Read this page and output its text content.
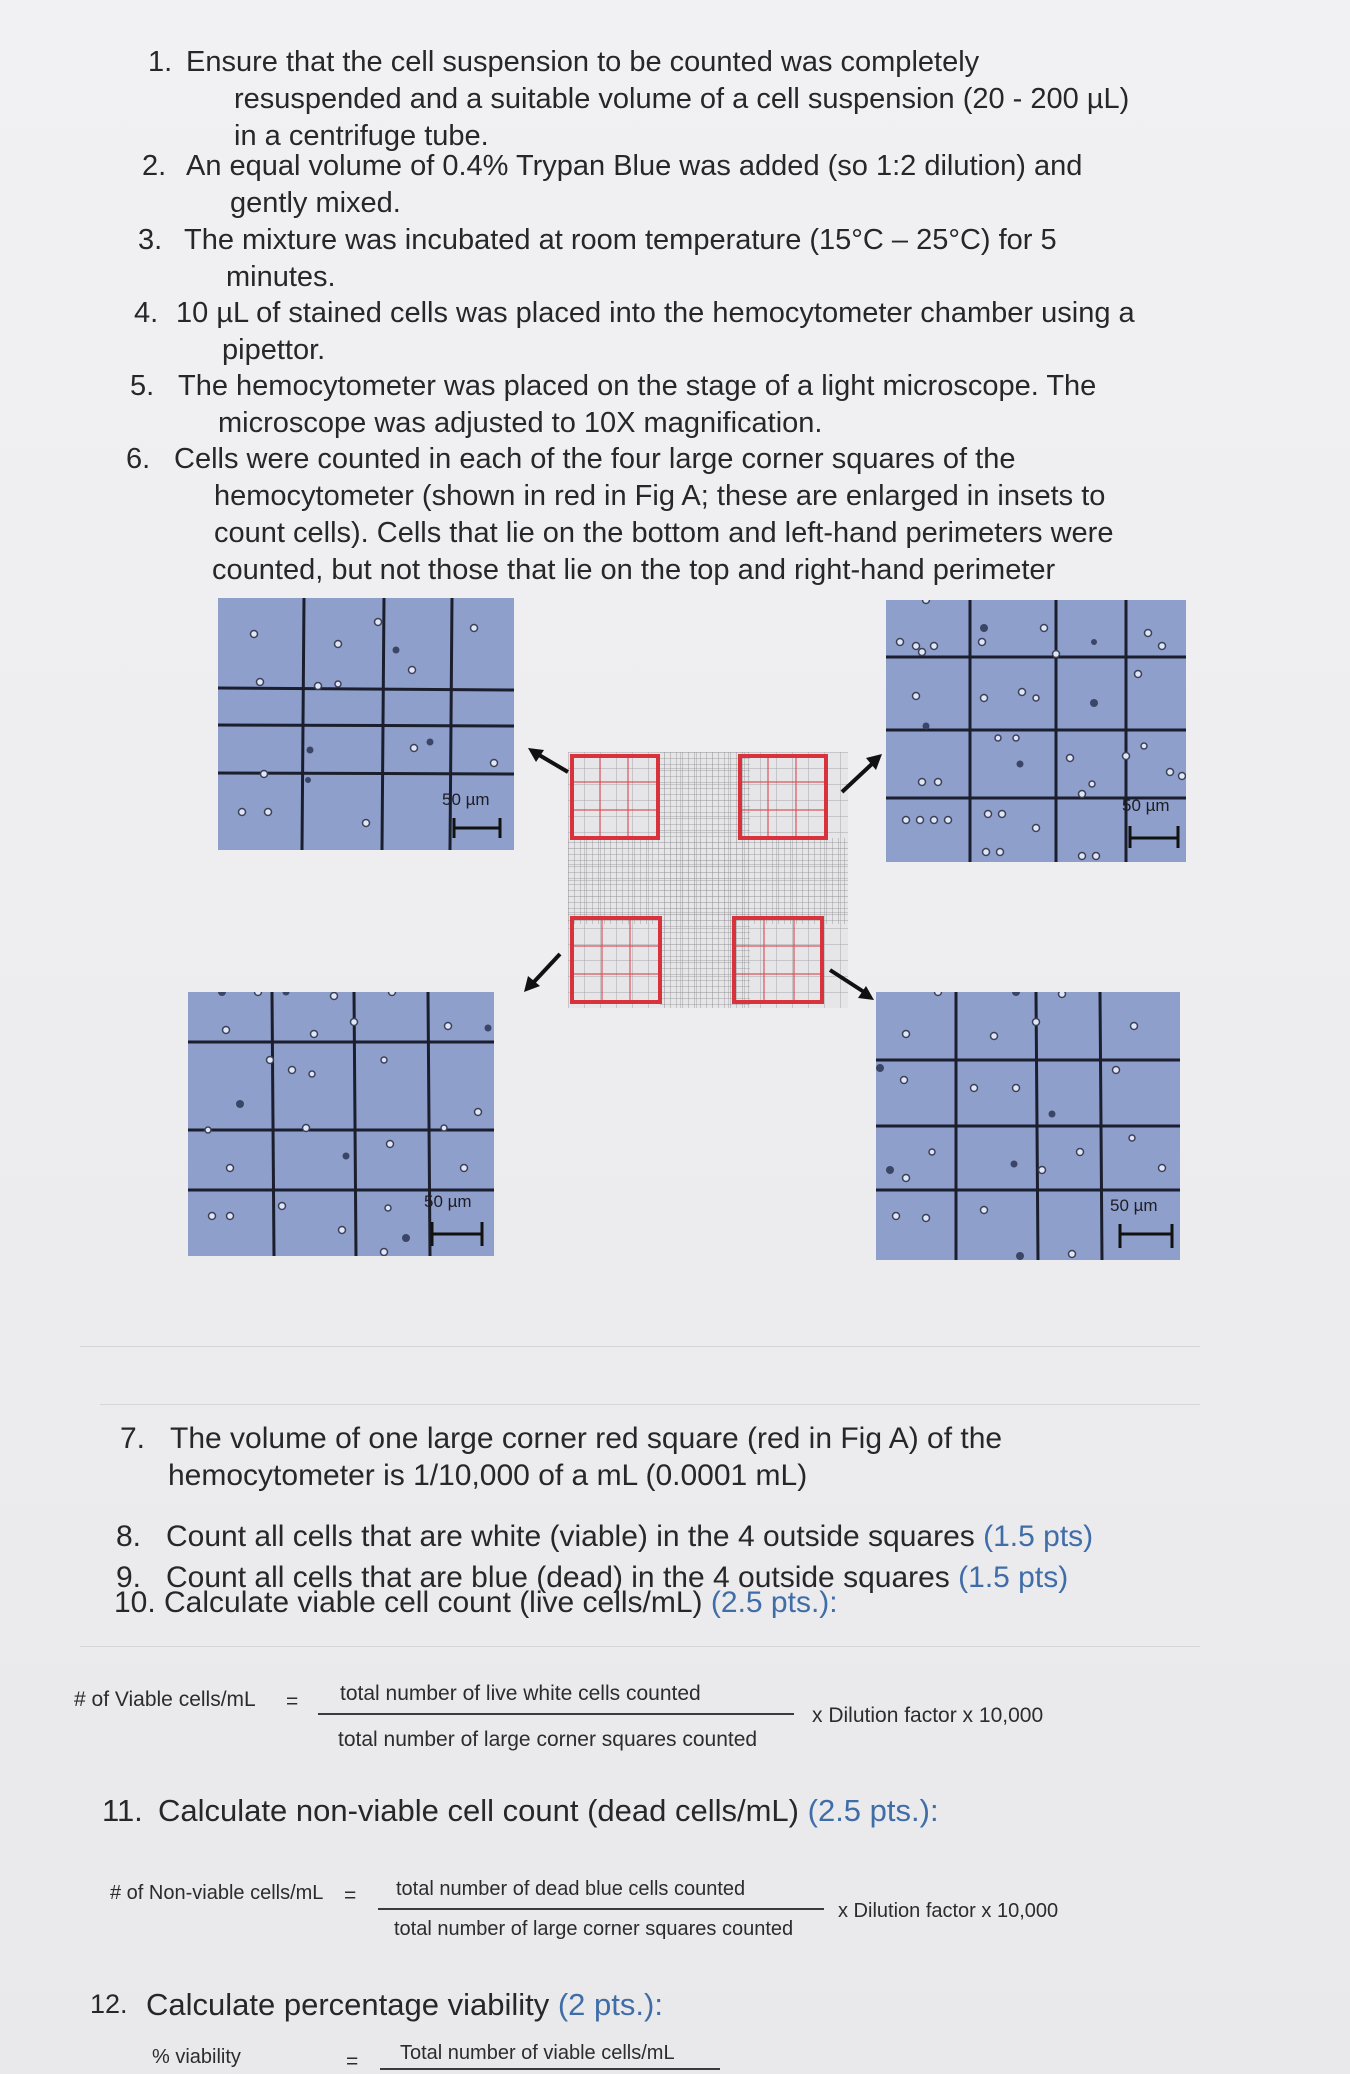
1. Ensure that the cell suspension to be counted was completely
resuspended and a suitable volume of a cell suspension (20 - 200 µL)
in a centrifuge tube.
2. An equal volume of 0.4% Trypan Blue was added (so 1:2 dilution) and
gently mixed.
3. The mixture was incubated at room temperature (15°C – 25°C) for 5
minutes.
4. 10 µL of stained cells was placed into the hemocytometer chamber using a
pipettor.
5. The hemocytometer was placed on the stage of a light microscope. The
microscope was adjusted to 10X magnification.
6. Cells were counted in each of the four large corner squares of the
hemocytometer (shown in red in Fig A; these are enlarged in insets to
count cells). Cells that lie on the bottom and left-hand perimeters were
counted, but not those that lie on the top and right-hand perimeter
50 µm	50 µm
50 µm	50 µm
7. The volume of one large corner red square (red in Fig A) of the
hemocytometer is 1/10,000 of a mL (0.0001 mL)
8. Count all cells that are white (viable) in the 4 outside squares (1.5 pts)
9. Count all cells that are blue (dead) in the 4 outside squares (1.5 pts)
10. Calculate viable cell count (live cells/mL) (2.5 pts.):
# of Viable cells/mL = total number of live white cells counted
total number of large corner squares counted
x Dilution factor x 10,000
11. Calculate non-viable cell count (dead cells/mL) (2.5 pts.):
# of Non-viable cells/mL = total number of dead blue cells counted
total number of large corner squares counted
x Dilution factor x 10,000
12. Calculate percentage viability (2 pts.):
% viability	= Total number of viable cells/mL
